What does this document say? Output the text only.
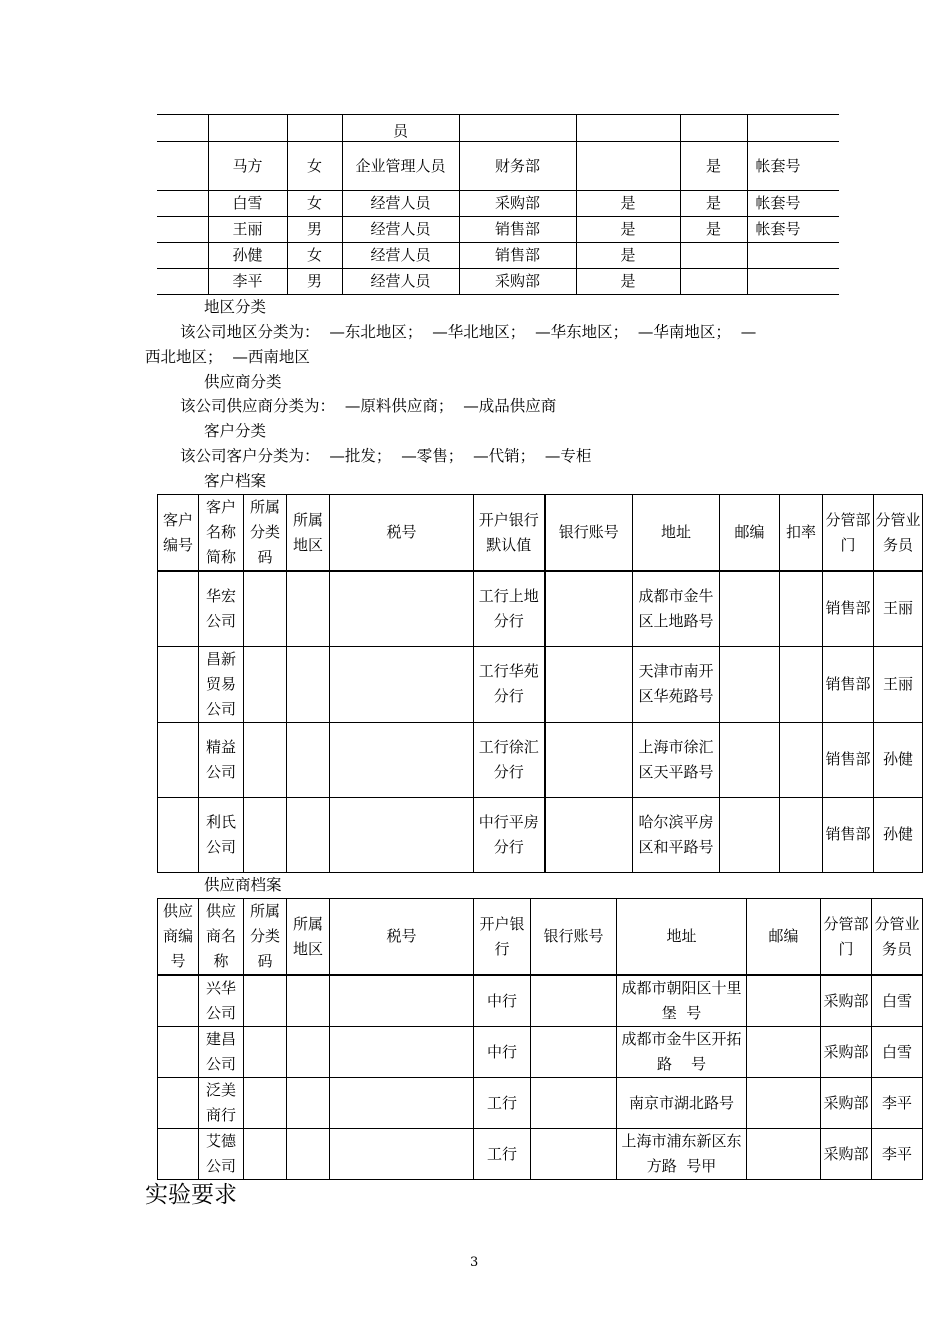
			员				
	马方	女	企业管理人员	财务部		是	帐套号
	白雪	女	经营人员	采购部	是	是	帐套号
	王丽	男	经营人员	销售部	是	是	帐套号
	孙健	女	经营人员	销售部	是		
	李平	男	经营人员	采购部	是		
地区分类
该公司地区分类为：  —东北地区；  —华北地区；  —华东地区；  —华南地区；  —
西北地区；  —西南地区
供应商分类
该公司供应商分类为：  —原料供应商；  —成品供应商
客户分类
该公司客户分类为：  —批发；  —零售；  —代销；  —专柜
客户档案
客户编号	客户名称简称	所属分类码	所属地区	税号	开户银行默认值	银行账号	地址	邮编	扣率	分管部门	分管业务员
	华宏公司				工行上地分行		成都市金牛区上地路号			销售部	王丽
	昌新贸易公司				工行华苑分行		天津市南开区华苑路号			销售部	王丽
	精益公司				工行徐汇分行		上海市徐汇区天平路号			销售部	孙健
	利氏公司				中行平房分行		哈尔滨平房区和平路号			销售部	孙健
供应商档案
供应商编号	供应商名称	所属分类码	所属地区	税号	开户银行	银行账号	地址	邮编	分管部门	分管业务员
	兴华公司				中行		成都市朝阳区十里堡  号		采购部	白雪
	建昌公司				中行		成都市金牛区开拓路    号		采购部	白雪
	泛美商行				工行		南京市湖北路号		采购部	李平
	艾德公司				工行		上海市浦东新区东方路  号甲		采购部	李平
实验要求
3
